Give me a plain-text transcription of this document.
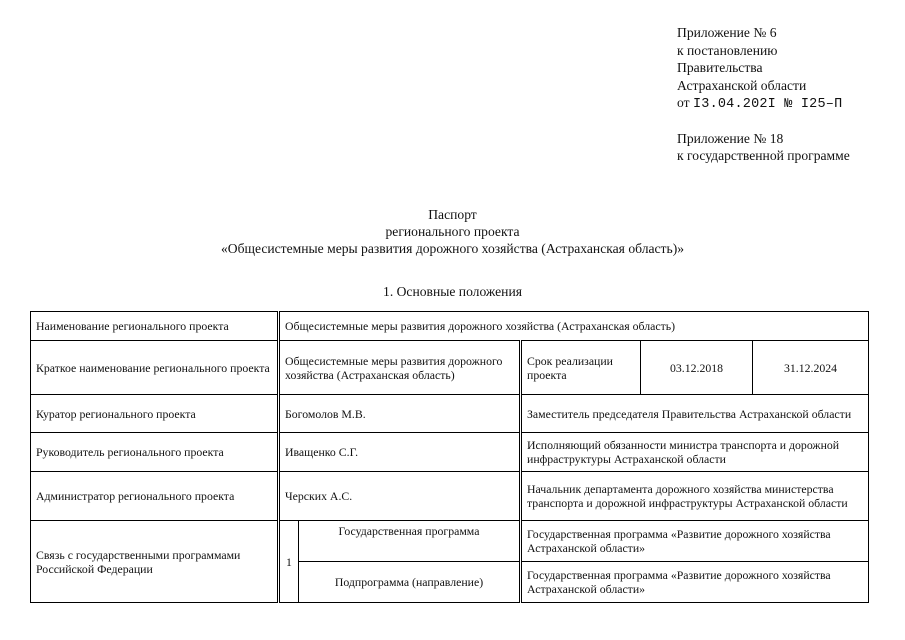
Приложение № 6
к постановлению
Правительства
Астраханской области
от I3.04.202I № I25–П
Приложение № 18
к государственной программе
Паспорт
регионального проекта
«Общесистемные меры развития дорожного хозяйства (Астраханская область)»
1. Основные положения
Наименование регионального проекта	Общесистемные меры развития дорожного хозяйства (Астраханская область)				
Краткое наименование регионального проекта	Общесистемные меры развития дорожного хозяйства (Астраханская область)		Срок реализации проекта	03.12.2018	31.12.2024
Куратор регионального проекта	Богомолов М.В.		Заместитель председателя Правительства Астраханской области		
Руководитель регионального проекта	Иващенко С.Г.		Исполняющий обязанности министра транспорта и дорожной инфраструктуры Астраханской области		
Администратор регионального проекта	Черских А.С.		Начальник департамента дорожного хозяйства министерства транспорта и дорожной инфраструктуры Астраханской области		
Связь с государственными программами Российской Федерации	1	Государственная программа	Государственная программа «Развитие дорожного хозяйства Астраханской области»		
		Подпрограмма (направление)	Государственная программа «Развитие дорожного хозяйства Астраханской области»		
